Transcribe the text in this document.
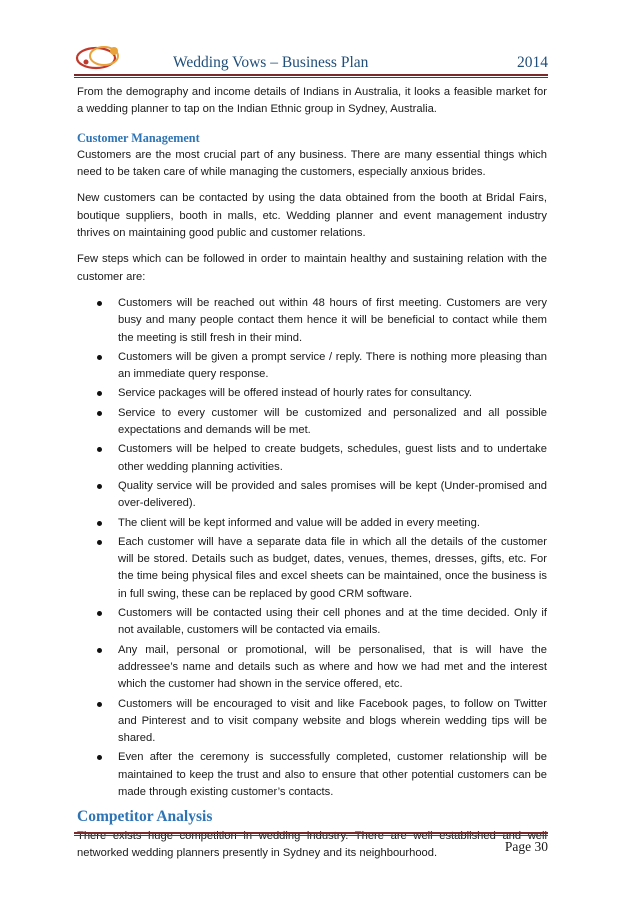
Wedding Vows – Business Plan	2014

From the demography and income details of Indians in Australia, it looks a feasible market for a wedding planner to tap on the Indian Ethnic group in Sydney, Australia.

Customer Management

Customers are the most crucial part of any business. There are many essential things which need to be taken care of while managing the customers, especially anxious brides.

New customers can be contacted by using the data obtained from the booth at Bridal Fairs, boutique suppliers, booth in malls, etc. Wedding planner and event management industry thrives on maintaining good public and customer relations.

Few steps which can be followed in order to maintain healthy and sustaining relation with the customer are:

Customers will be reached out within 48 hours of first meeting. Customers are very busy and many people contact them hence it will be beneficial to contact while them the meeting is still fresh in their mind.
Customers will be given a prompt service / reply. There is nothing more pleasing than an immediate query response.
Service packages will be offered instead of hourly rates for consultancy.
Service to every customer will be customized and personalized and all possible expectations and demands will be met.
Customers will be helped to create budgets, schedules, guest lists and to undertake other wedding planning activities.
Quality service will be provided and sales promises will be kept (Under-promised and over-delivered).
The client will be kept informed and value will be added in every meeting.
Each customer will have a separate data file in which all the details of the customer will be stored. Details such as budget, dates, venues, themes, dresses, gifts, etc. For the time being physical files and excel sheets can be maintained, once the business is in full swing, these can be replaced by good CRM software.
Customers will be contacted using their cell phones and at the time decided. Only if not available, customers will be contacted via emails.
Any mail, personal or promotional, will be personalised, that is will have the addressee’s name and details such as where and how we had met and the interest which the customer had shown in the service offered, etc.
Customers will be encouraged to visit and like Facebook pages, to follow on Twitter and Pinterest and to visit company website and blogs wherein wedding tips will be shared.
Even after the ceremony is successfully completed, customer relationship will be maintained to keep the trust and also to ensure that other potential customers can be made through existing customer’s contacts.
Competitor Analysis

networked wedding planners presently in Sydney and its neighbourhood.	Page 30
